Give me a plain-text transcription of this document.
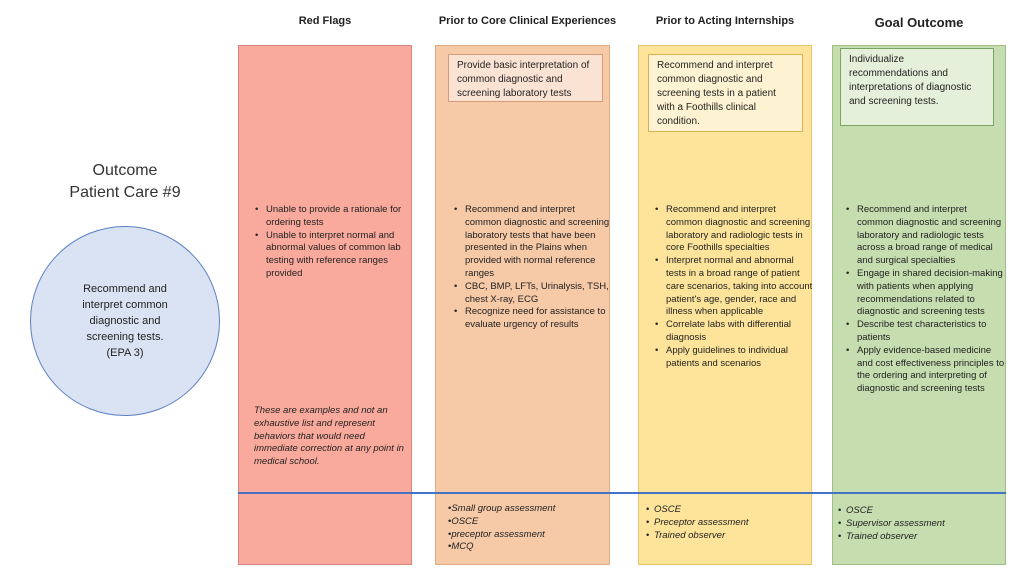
Red Flags	Prior to Core Clinical Experiences	Prior to Acting Internships	Goal Outcome
Outcome
Patient Care #9
Recommend and
interpret common
diagnostic and
screening tests.
(EPA 3)
Provide basic interpretation of common diagnostic and screening laboratory tests
Recommend and interpret common diagnostic and screening tests in a patient with a Foothills clinical condition.
Individualize recommendations and interpretations of diagnostic and screening tests.
• Unable to provide a rationale for ordering tests
• Unable to interpret normal and abnormal values of common lab testing with reference ranges provided
These are examples and not an exhaustive list and represent behaviors that would need immediate correction at any point in medical school.
• Recommend and interpret common diagnostic and screening laboratory tests that have been presented in the Plains when provided with normal reference ranges
• CBC, BMP, LFTs, Urinalysis, TSH, chest X-ray, ECG
• Recognize need for assistance to evaluate urgency of results
• Recommend and interpret common diagnostic and screening laboratory and radiologic tests in core Foothills specialties
• Interpret normal and abnormal tests in a broad range of patient care scenarios, taking into account patient's age, gender, race and illness when applicable
• Correlate labs with differential diagnosis
• Apply guidelines to individual patients and scenarios
• Recommend and interpret common diagnostic and screening laboratory and radiologic tests across a broad range of medical and surgical specialties
• Engage in shared decision-making with patients when applying recommendations related to diagnostic and screening tests
• Describe test characteristics to patients
• Apply evidence-based medicine and cost effectiveness principles to the ordering and interpreting of diagnostic and screening tests
• Small group assessment
• OSCE
• preceptor assessment
• MCQ
• OSCE
• Preceptor assessment
• Trained observer
• OSCE
• Supervisor assessment
• Trained observer
